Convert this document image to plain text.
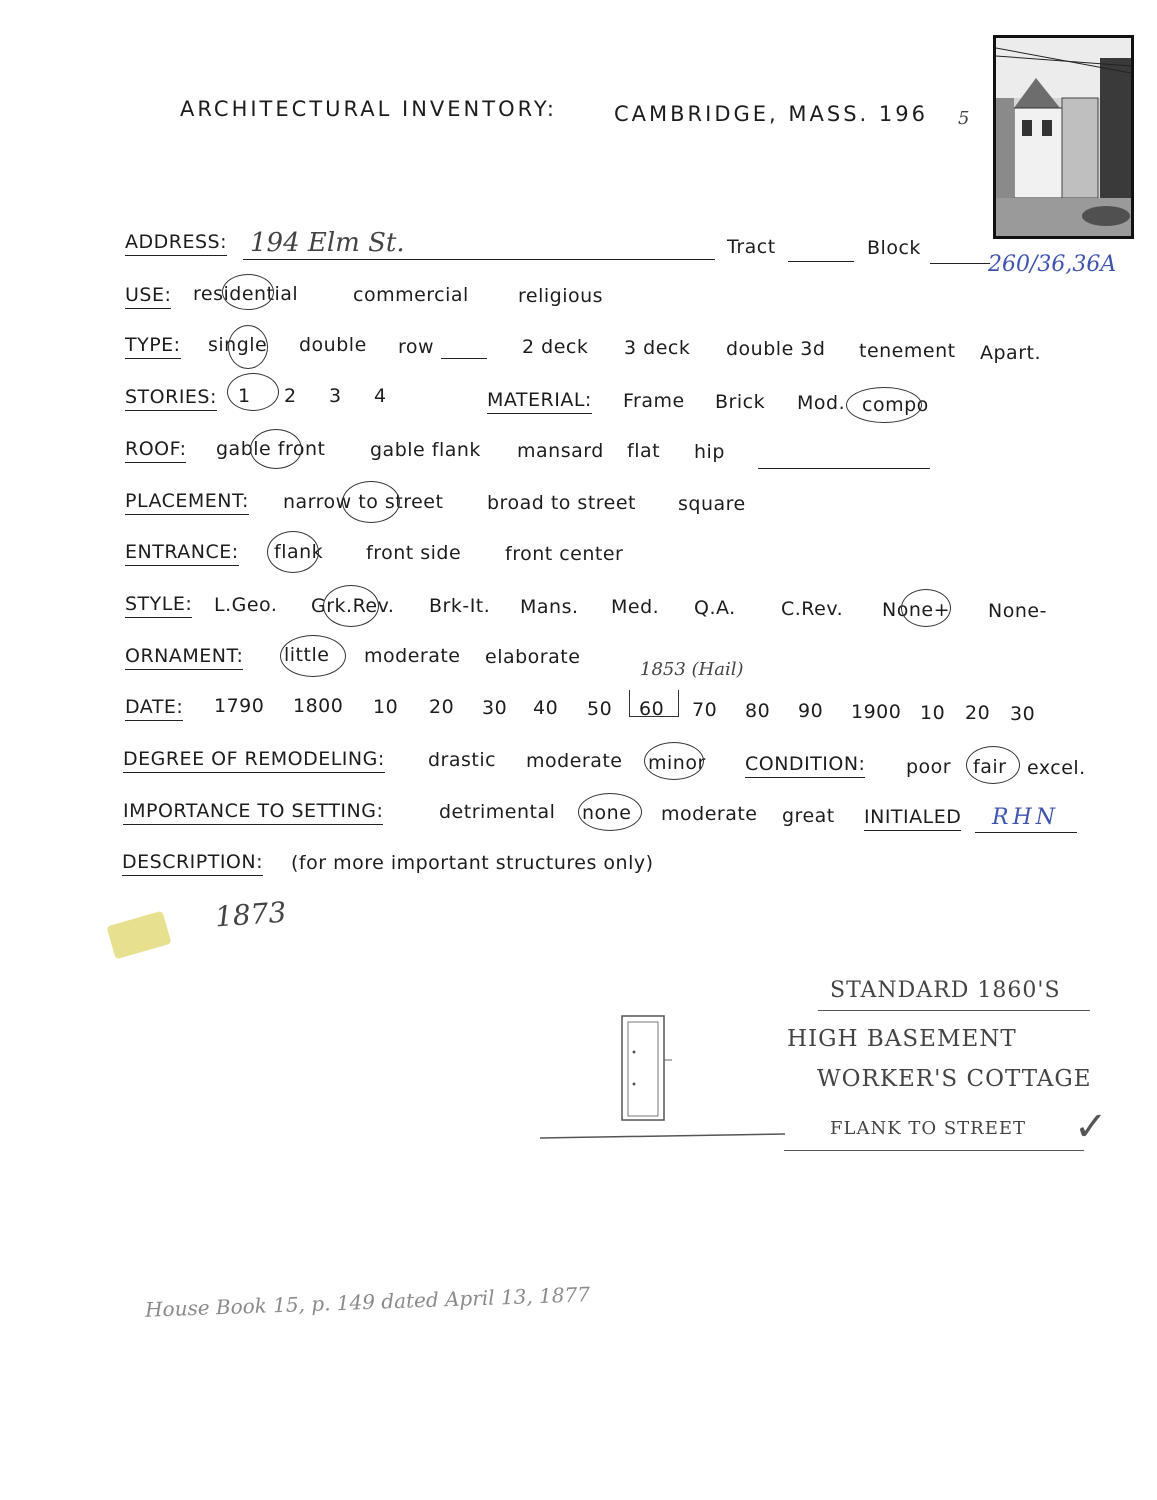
ARCHITECTURAL INVENTORY:	CAMBRIDGE, MASS. 196 5
ADDRESS: 194 Elm St.	Tract	Block
260/36,36A
USE: residential	commercial	religious
TYPE: single double row	2 deck 3 deck double 3d tenement Apart.
STORIES: 1 2 3 4	MATERIAL: Frame Brick Mod. compo
ROOF: gable front gable flank mansard flat hip
PLACEMENT: narrow to street broad to street square
ENTRANCE: flank front side front center
STYLE: L.Geo. Grk.Rev. Brk-It. Mans. Med. Q.A. C.Rev. None+ None-
ORNAMENT: little moderate elaborate
1853 (Hail)
DATE: 1790 1800 10 20 30 40 50 60 70 80 90 1900 10 20 30
DEGREE OF REMODELING: drastic moderate minor CONDITION: poor fair excel.
IMPORTANCE TO SETTING:	detrimental none moderate great INITIALED RHN
DESCRIPTION: (for more important structures only)
1873
STANDARD 1860'S
HIGH BASEMENT
WORKER'S COTTAGE
FLANK TO STREET ✓
House Book 15, p. 149 dated April 13, 1877
